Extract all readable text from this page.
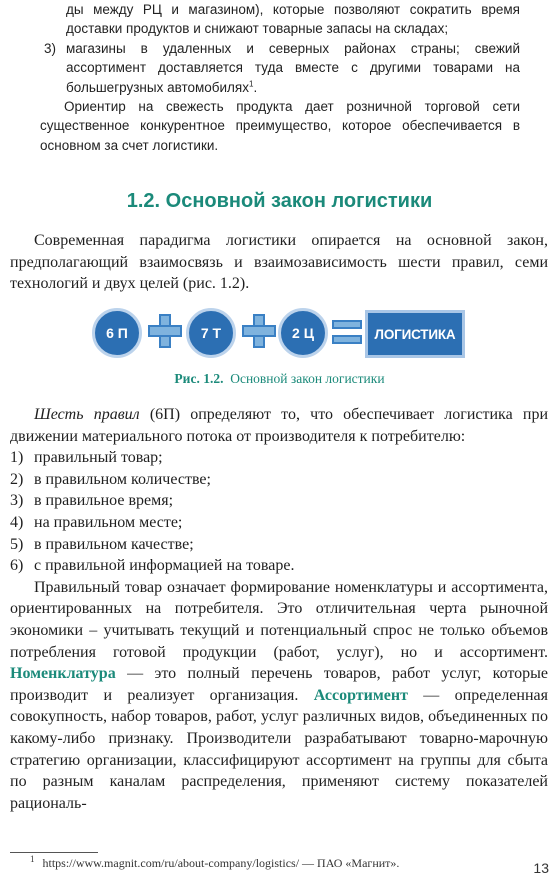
ды между РЦ и магазином), которые позволяют сократить время доставки продуктов и снижают товарные запасы на складах;

3) магазины в удаленных и северных районах страны; свежий ассортимент доставляется туда вместе с другими товарами на большегрузных автомобилях$^1$.

Ориентир на свежесть продукта дает розничной торговой сети существенное конкурентное преимущество, которое обеспечивается в основном за счет логистики.

1.2. Основной закон логистики

Современная парадигма логистики опирается на основной закон, предполагающий взаимосвязь и взаимозависимость шести правил, семи технологий и двух целей (рис. 1.2).

6 П	7 Т	2 Ц	ЛОГИСТИКА
Рис. 1.2. Основной закон логистики

Шесть правил (6П) определяют то, что обеспечивает логистика при движении материального потока от производителя к потребителю:

1) правильный товар;
2) в правильном количестве;
3) в правильное время;
4) на правильном месте;
5) в правильном качестве;
6) с правильной информацией на товаре.

Правильный товар означает формирование номенклатуры и ассортимента, ориентированных на потребителя. Это отличительная черта рыночной экономики – учитывать текущий и потенциальный спрос не только объемов потребления готовой продукции (работ, услуг), но и ассортимент. Номенклатура — это полный перечень товаров, работ услуг, которые производит и реализует организация. Ассортимент — определенная совокупность, набор товаров, работ, услуг различных видов, объединенных по какому-либо признаку. Производители разрабатывают товарно-марочную стратегию организации, классифицируют ассортимент на группы для сбыта по разным каналам распределения, применяют систему показателей рациональ-

$^1$ https://www.magnit.com/ru/about-company/logistics/ — ПАО «Магнит».	13
